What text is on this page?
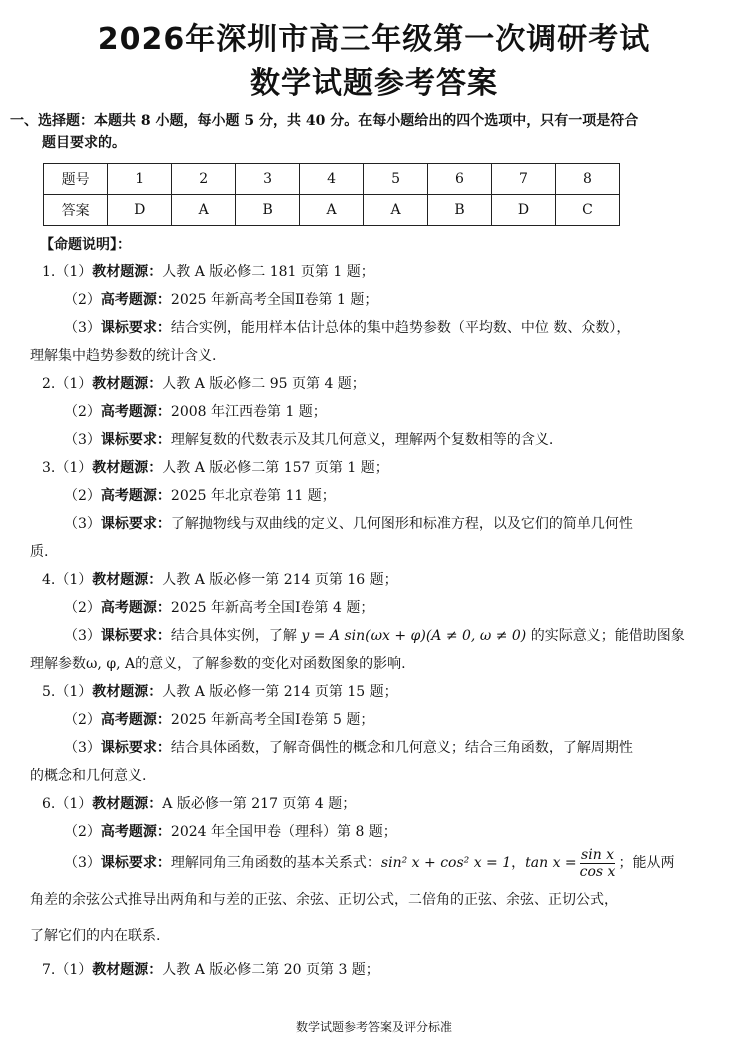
2026年深圳市高三年级第一次调研考试
数学试题参考答案
一、选择题：本题共 8 小题，每小题 5 分，共 40 分。在每小题给出的四个选项中，只有一项是符合
题目要求的。
题号	1	2	3	4	5	6	7	8
答案	D	A	B	A	A	B	D	C
【命题说明】：
1.（1）教材题源：人教 A 版必修二 181 页第 1 题；
（2）高考题源：2025 年新高考全国Ⅱ卷第 1 题；
（3）课标要求：结合实例，能用样本估计总体的集中趋势参数（平均数、中位 数、众数），
理解集中趋势参数的统计含义.
2.（1）教材题源：人教 A 版必修二 95 页第 4 题；
（2）高考题源：2008 年江西卷第 1 题；
（3）课标要求：理解复数的代数表示及其几何意义，理解两个复数相等的含义.
3.（1）教材题源：人教 A 版必修二第 157 页第 1 题；
（2）高考题源：2025 年北京卷第 11 题；
（3）课标要求：了解抛物线与双曲线的定义、几何图形和标准方程，以及它们的简单几何性
质.
4.（1）教材题源：人教 A 版必修一第 214 页第 16 题；
（2）高考题源：2025 年新高考全国Ⅰ卷第 4 题；
（3）课标要求：结合具体实例，了解 y = A sin(ωx + φ)(A ≠ 0, ω ≠ 0) 的实际意义；能借助图象
理解参数ω, φ, A的意义，了解参数的变化对函数图象的影响.
5.（1）教材题源：人教 A 版必修一第 214 页第 15 题；
（2）高考题源：2025 年新高考全国Ⅰ卷第 5 题；
（3）课标要求：结合具体函数，了解奇偶性的概念和几何意义；结合三角函数，了解周期性
的概念和几何意义.
6.（1）教材题源：A 版必修一第 217 页第 4 题；
（2）高考题源：2024 年全国甲卷（理科）第 8 题；
（3）课标要求：理解同角三角函数的基本关系式：sin² x + cos² x = 1，$\tan x = \frac{\text{sin x}}{\text{cos x}}$ ；能从两
角差的余弦公式推导出两角和与差的正弦、余弦、正切公式，二倍角的正弦、余弦、正切公式，
了解它们的内在联系.
7.（1）教材题源：人教 A 版必修二第 20 页第 3 题；
数学试题参考答案及评分标准
